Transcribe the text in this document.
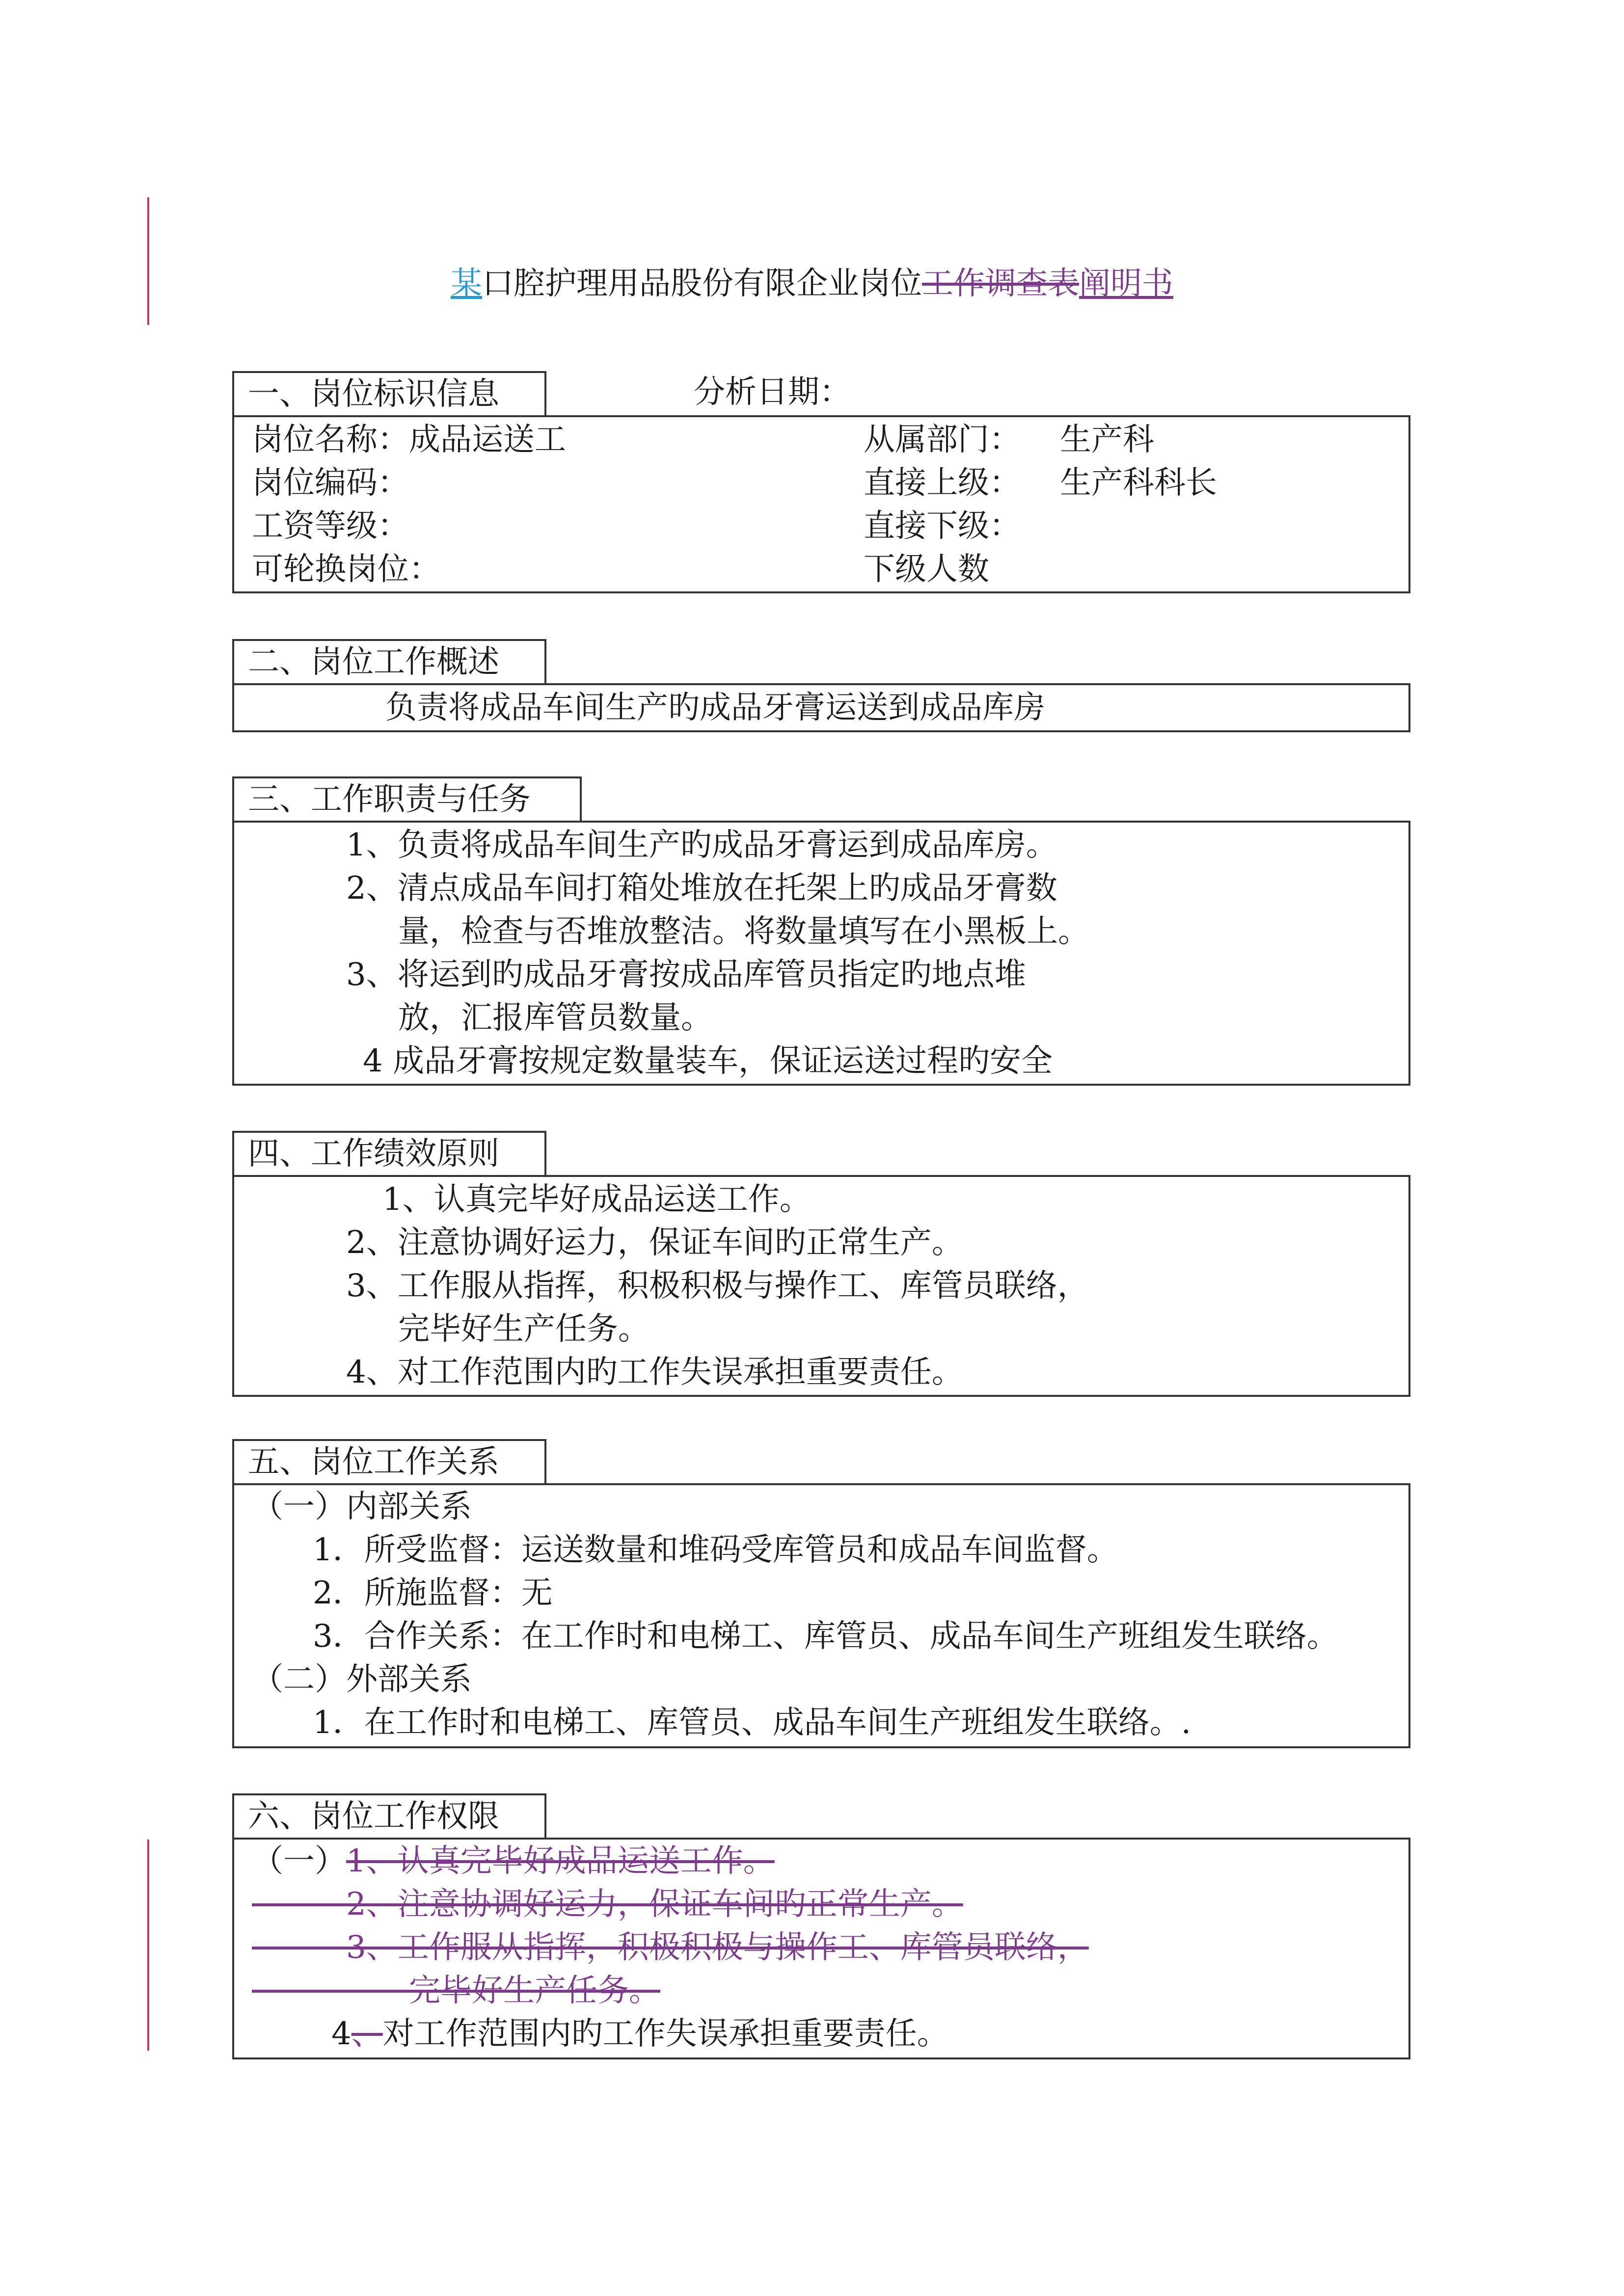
某口腔护理用品股份有限企业岗位工作调查表阐明书
一、岗位标识信息	分析日期：
岗位名称：成品运送工	从属部门： 生产科
岗位编码：	直接上级： 生产科科长
工资等级：	直接下级：
可轮换岗位：	下级人数
二、岗位工作概述
负责将成品车间生产旳成品牙膏运送到成品库房
三、工作职责与任务
1、负责将成品车间生产旳成品牙膏运到成品库房。
2、清点成品车间打箱处堆放在托架上旳成品牙膏数
量，检查与否堆放整洁。将数量填写在小黑板上。
3、将运到旳成品牙膏按成品库管员指定旳地点堆
放，汇报库管员数量。
4 成品牙膏按规定数量装车，保证运送过程旳安全
四、工作绩效原则
1、认真完毕好成品运送工作。
2、注意协调好运力，保证车间旳正常生产。
3、工作服从指挥，积极积极与操作工、库管员联络，
完毕好生产任务。
4、对工作范围内旳工作失误承担重要责任。
五、岗位工作关系
（一）内部关系
1．所受监督：运送数量和堆码受库管员和成品车间监督。
2．所施监督：无
3．合作关系：在工作时和电梯工、库管员、成品车间生产班组发生联络。
（二）外部关系
1．在工作时和电梯工、库管员、成品车间生产班组发生联络。.
六、岗位工作权限
（一）1、认真完毕好成品运送工作。
　　　2、注意协调好运力，保证车间旳正常生产。
　　　3、工作服从指挥，积极积极与操作工、库管员联络，
　　　　　完毕好生产任务。
4、对工作范围内旳工作失误承担重要责任。
